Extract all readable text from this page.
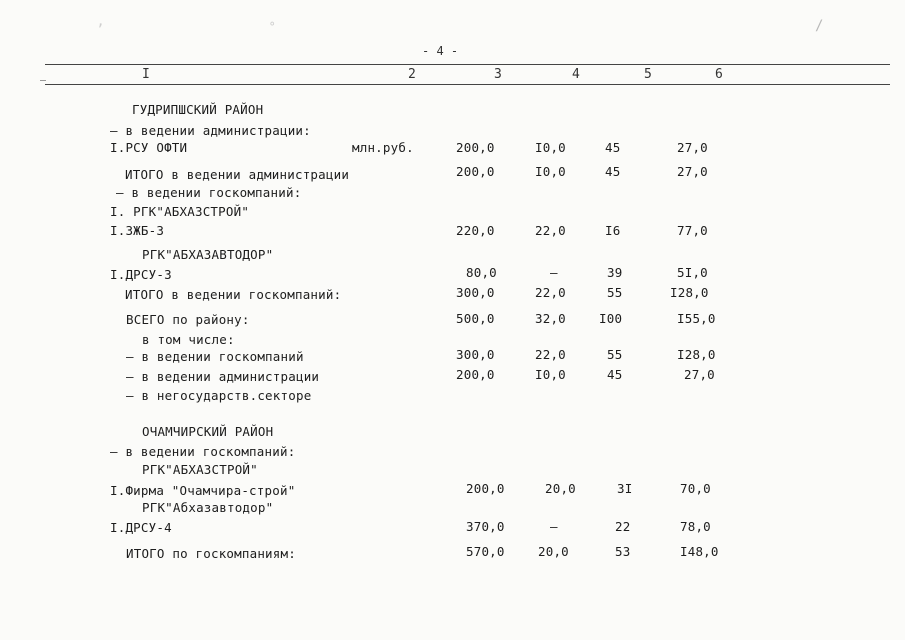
ʼ	˚	/
- 4 -
I	2	3	4	5	6
ГУДРИПШСКИЙ РАЙОН
– в ведении администрации:
I.РСУ ОФТИ	млн.руб.	200,0	I0,0	45	27,0
ИТОГО в ведении администрации	200,0	I0,0	45	27,0
– в ведении госкомпаний:
I. РГК"АБХАЗСТРОЙ"
I.ЗЖБ-3	220,0	22,0	I6	77,0
РГК"АБХАЗАВТОДОР"
I.ДРСУ-3	80,0	–	39	5I,0
ИТОГО в ведении госкомпаний:	300,0	22,0	55	I28,0
ВСЕГО по району:	500,0	32,0	I00	I55,0
в том числе:
– в ведении госкомпаний	300,0	22,0	55	I28,0
– в ведении администрации	200,0	I0,0	45	27,0
– в негосударств.секторе
ОЧАМЧИРСКИЙ РАЙОН
– в ведении госкомпаний:
РГК"АБХАЗСТРОЙ"
I.Фирма "Очамчира-строй"	200,0	20,0	3I	70,0
РГК"Абхазавтодор"
I.ДРСУ-4	370,0	–	22	78,0
ИТОГО по госкомпаниям:	570,0	20,0	53	I48,0
